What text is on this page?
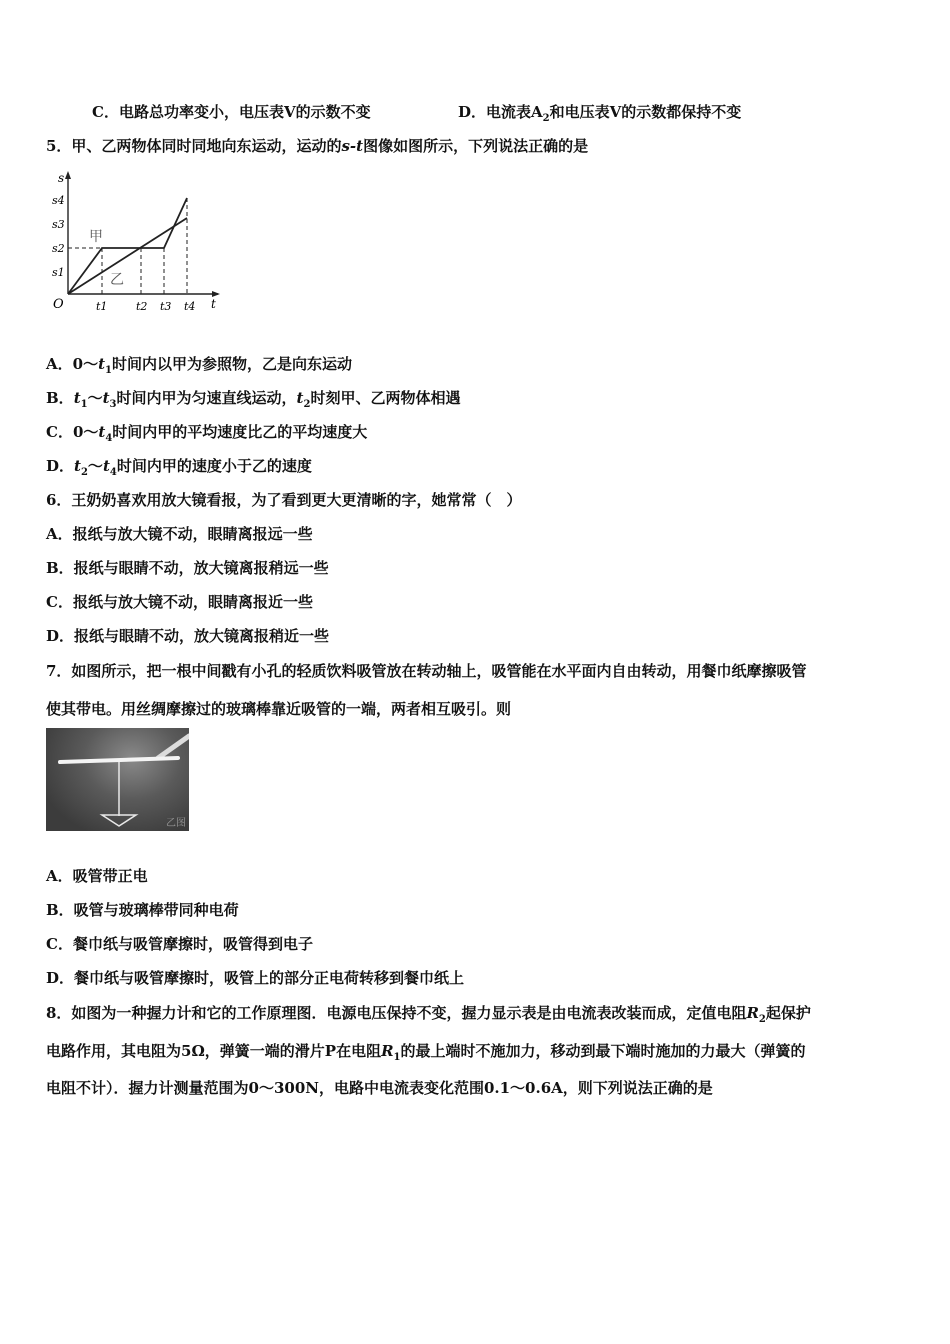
C．电路总功率变小，电压表V的示数不变	D．电流表$A_2$和电压表V的示数都保持不变
5．甲、乙两物体同时同地向东运动，运动的s-t图像如图所示，下列说法正确的是
s
t
O
s4
s3
s2
s1
t1	t2 t3 t4
甲
乙
A．$0\sim t_1$时间内以甲为参照物，乙是向东运动
B．$t_1\sim t_3$时间内甲为匀速直线运动，$t_2$时刻甲、乙两物体相遇
C．$0\sim t_4$时间内甲的平均速度比乙的平均速度大
D．$t_2\sim t_4$时间内甲的速度小于乙的速度
6．王奶奶喜欢用放大镜看报，为了看到更大更清晰的字，她常常（　）
A．报纸与放大镜不动，眼睛离报远一些
B．报纸与眼睛不动，放大镜离报稍远一些
C．报纸与放大镜不动，眼睛离报近一些
D．报纸与眼睛不动，放大镜离报稍近一些
7．如图所示，把一根中间戳有小孔的轻质饮料吸管放在转动轴上，吸管能在水平面内自由转动，用餐巾纸摩擦吸管
使其带电。用丝绸摩擦过的玻璃棒靠近吸管的一端，两者相互吸引。则
乙图
A．吸管带正电
B．吸管与玻璃棒带同种电荷
C．餐巾纸与吸管摩擦时，吸管得到电子
D．餐巾纸与吸管摩擦时，吸管上的部分正电荷转移到餐巾纸上
8．如图为一种握力计和它的工作原理图．电源电压保持不变，握力显示表是由电流表改装而成，定值电阻$R_2$起保护
电路作用，其电阻为5Ω，弹簧一端的滑片P在电阻$R_1$的最上端时不施加力，移动到最下端时施加的力最大（弹簧的
电阻不计）．握力计测量范围为0～300N，电路中电流表变化范围0.1～0.6A，则下列说法正确的是
